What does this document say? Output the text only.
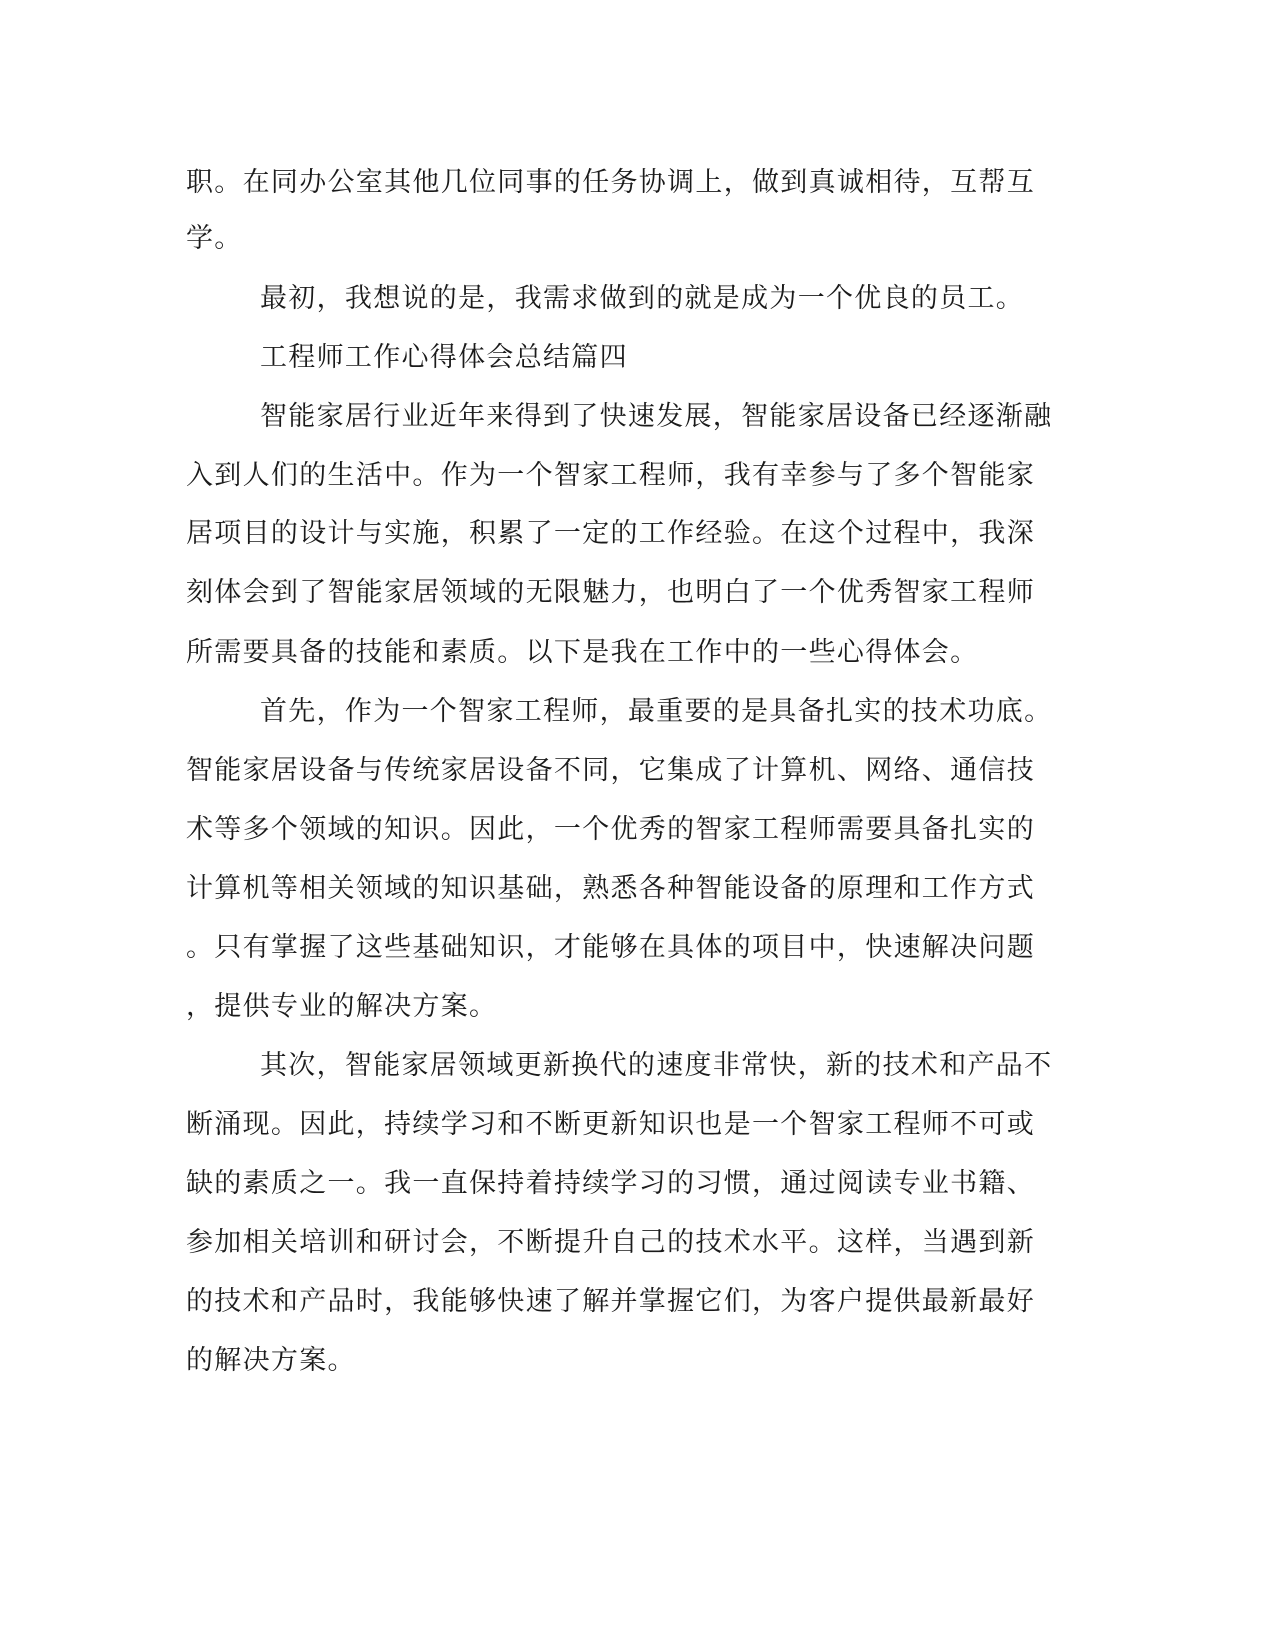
职。在同办公室其他几位同事的任务协调上，做到真诚相待，互帮互
学。
最初，我想说的是，我需求做到的就是成为一个优良的员工。
工程师工作心得体会总结篇四
智能家居行业近年来得到了快速发展，智能家居设备已经逐渐融
入到人们的生活中。作为一个智家工程师，我有幸参与了多个智能家
居项目的设计与实施，积累了一定的工作经验。在这个过程中，我深
刻体会到了智能家居领域的无限魅力，也明白了一个优秀智家工程师
所需要具备的技能和素质。以下是我在工作中的一些心得体会。
首先，作为一个智家工程师，最重要的是具备扎实的技术功底。
智能家居设备与传统家居设备不同，它集成了计算机、网络、通信技
术等多个领域的知识。因此，一个优秀的智家工程师需要具备扎实的
计算机等相关领域的知识基础，熟悉各种智能设备的原理和工作方式
。只有掌握了这些基础知识，才能够在具体的项目中，快速解决问题
，提供专业的解决方案。
其次，智能家居领域更新换代的速度非常快，新的技术和产品不
断涌现。因此，持续学习和不断更新知识也是一个智家工程师不可或
缺的素质之一。我一直保持着持续学习的习惯，通过阅读专业书籍、
参加相关培训和研讨会，不断提升自己的技术水平。这样，当遇到新
的技术和产品时，我能够快速了解并掌握它们，为客户提供最新最好
的解决方案。
